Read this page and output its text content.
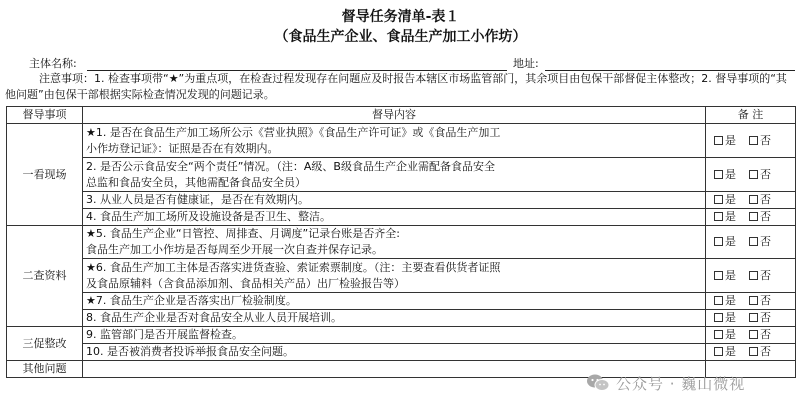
督导任务清单-表１
（食品生产企业、食品生产加工小作坊）
主体名称:	地址:
注意事项：1. 检查事项带“★”为重点项，在检查过程发现存在问题应及时报告本辖区市场监管部门，其余项目由包保干部督促主体整改；2. 督导事项的“其他问题”由包保干部根据实际检查情况发现的问题记录。
督导事项	督导内容	备 注
一看现场	★1. 是否在食品生产加工场所公示《营业执照》《食品生产许可证》或《食品生产加工
小作坊登记证》：证照是否在有效期内。	是 否

	2. 是否公示食品安全“两个责任”情况。（注：A级、B级食品生产企业需配备食品安全
总监和食品安全员，其他需配备食品安全员）	是 否

	3. 从业人员是否有健康证，是否在有效期内。	是 否

	4. 食品生产加工场所及设施设备是否卫生、整洁。	是 否
二查资料	★5. 食品生产企业“日管控、周排查、月调度”记录台账是否齐全:
食品生产加工小作坊是否每周至少开展一次自查并保存记录。	是 否

	★6. 食品生产加工主体是否落实进货查验、索证索票制度。（注：主要查看供货者证照
及食品原辅料（含食品添加剂、食品相关产品）出厂检验报告等）	是 否

	★7. 食品生产企业是否落实出厂检验制度。	是 否

	8. 食品生产企业是否对食品安全从业人员开展培训。	是 否
三促整改	9. 监管部门是否开展监督检查。	是 否

	10. 是否被消费者投诉举报食品安全问题。	是 否
其他问题		
公众号 · 巍山微视
